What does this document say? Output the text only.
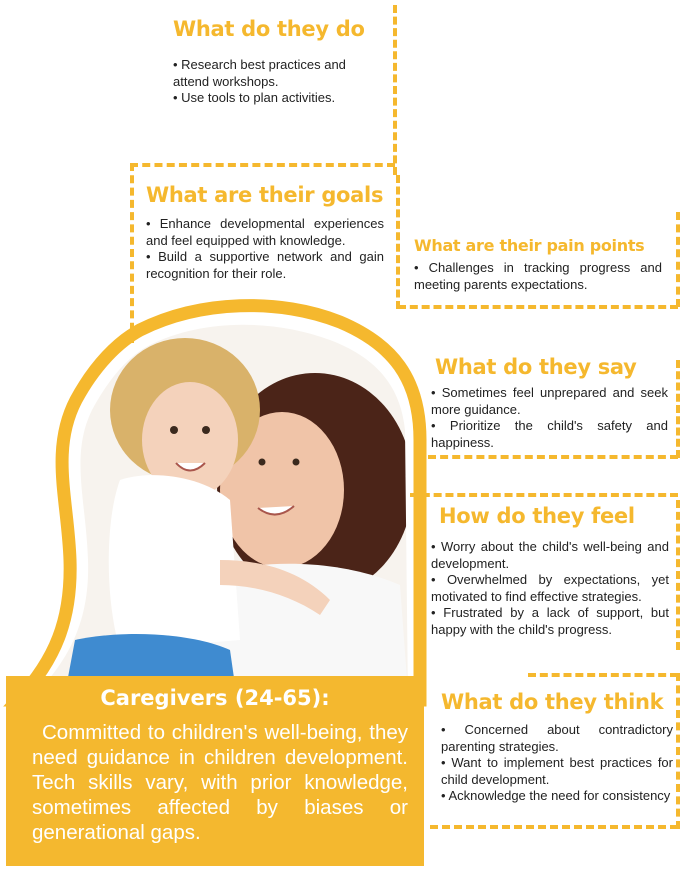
What do they do
• Research best practices and attend workshops.
• Use tools to plan activities.
What are their goals
• Enhance developmental experiences and feel equipped with knowledge.
• Build a supportive network and gain recognition for their role.
What are their pain points
• Challenges in tracking progress and meeting parents expectations.
What do they say
• Sometimes feel unprepared and seek more guidance.
• Prioritize the child's safety and happiness.
How do they feel
• Worry about the child's well-being and development.
• Overwhelmed by expectations, yet motivated to find effective strategies.
• Frustrated by a lack of support, but happy with the child's progress.
What do they think
• Concerned about contradictory parenting strategies.
• Want to implement best practices for child development.
• Acknowledge the need for consistency
Caregivers (24-65):

Committed to children's well-being, they need guidance in children development. Tech skills vary, with prior knowledge, sometimes affected by biases or generational gaps.
